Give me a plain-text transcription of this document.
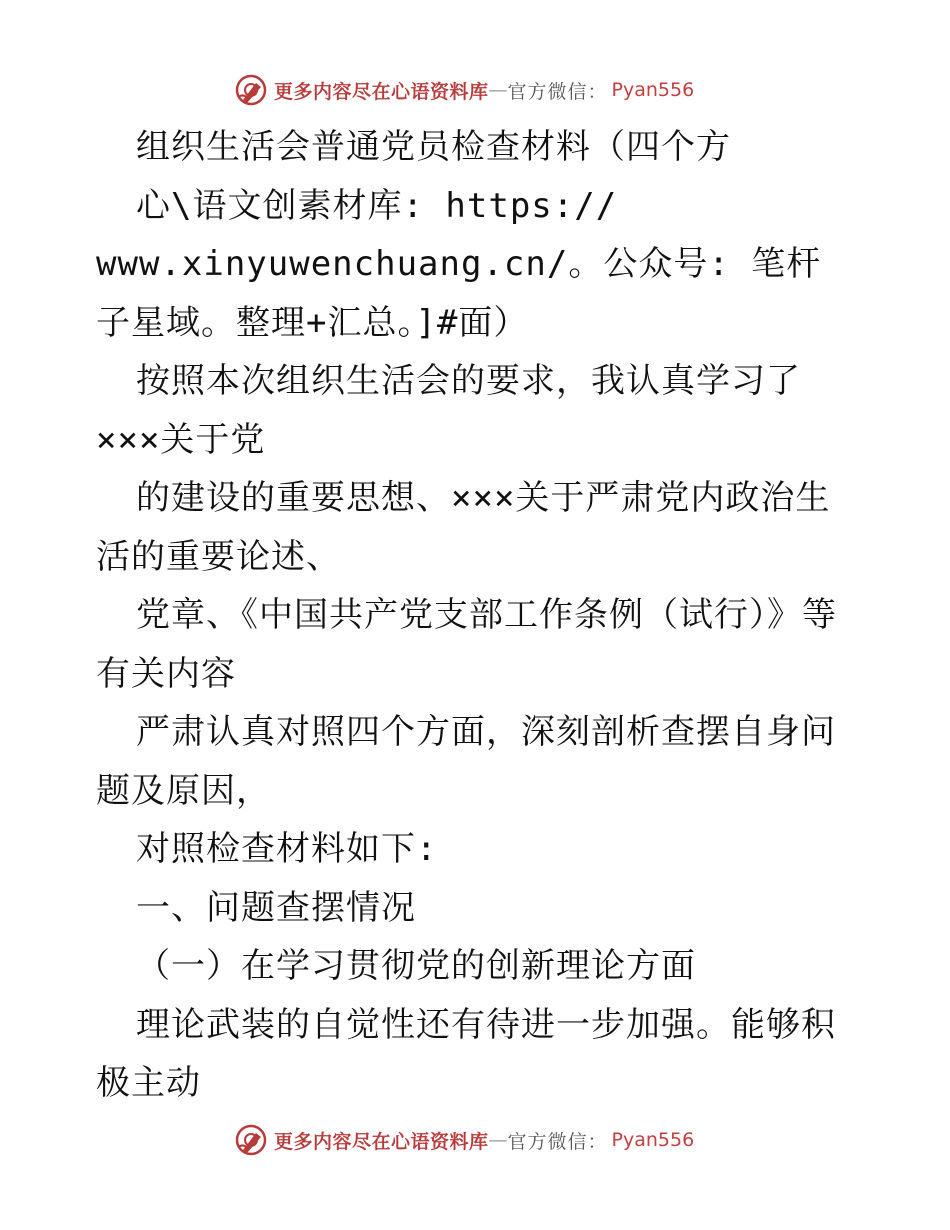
更多内容尽在心语资料库 — 官方微信： Pyan556

组织生活会普通党员检查材料（四个方

心\语文创素材库: https://

www.xinyuwenchuang.cn/。公众号: 笔杆子星域。整理+汇总。]#面）

按照本次组织生活会的要求，我认真学习了

×××关于党

的建设的重要思想、×××关于严肃党内政治生活的重要论述、

党章、《中国共产党支部工作条例（试行）》等有关内容

严肃认真对照四个方面，深刻剖析查摆自身问题及原因，

对照检查材料如下:

一、问题查摆情况

（一）在学习贯彻党的创新理论方面

理论武装的自觉性还有待进一步加强。能够积极主动

更多内容尽在心语资料库 — 官方微信： Pyan556
